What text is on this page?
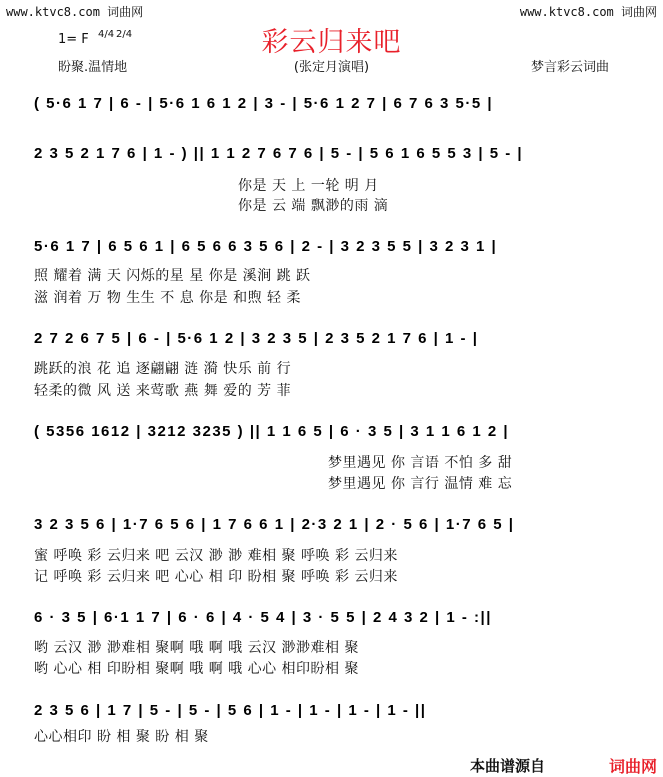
www.ktvc8.com 词曲网	www.ktvc8.com 词曲网
彩云归来吧
1= F 4/4 2/4
盼聚.温情地	(张定月演唱)	梦言彩云词曲
( 5·6 1 7 | 6 - | 5·6 1 6 1 2 | 3 - | 5·6 1 2 7 | 6 7 6 3 5·5 |
2 3 5 2 1 7 6 | 1 - ) || 1 1 2 7 6 7 6 | 5 - | 5 6 1 6 5 5 3 | 5 - |
你是 天 上 一轮 明 月
你是 云 端 飘渺的雨 滴
5·6 1 7 | 6 5 6 1 | 6 5 6 6 3 5 6 | 2 - | 3 2 3 5 5 | 3 2 3 1 |
照 耀着 满 天 闪烁的星 星 你是 溪涧 跳 跃
滋 润着 万 物 生生 不 息 你是 和煦 轻 柔
2 7 2 6 7 5 | 6 - | 5·6 1 2 | 3 2 3 5 | 2 3 5 2 1 7 6 | 1 - |
跳跃的浪 花 追 逐翩翩 涟 漪 快乐 前 行
轻柔的微 风 送 来莺歌 燕 舞 爱的 芳 菲
( 5356 1612 | 3212 3235 ) || 1 1 6 5 | 6 · 3 5 | 3 1 1 6 1 2 |
梦里遇见 你 言语 不怕 多 甜
梦里遇见 你 言行 温情 难 忘
3 2 3 5 6 | 1·7 6 5 6 | 1 7 6 6 1 | 2·3 2 1 | 2 · 5 6 | 1·7 6 5 |
蜜 呼唤 彩 云归来 吧 云汉 渺 渺 难相 聚 呼唤 彩 云归来
记 呼唤 彩 云归来 吧 心心 相 印 盼相 聚 呼唤 彩 云归来
6 · 3 5 | 6·1 1 7 | 6 · 6 | 4 · 5 4 | 3 · 5 5 | 2 4 3 2 | 1 - :||
哟 云汉 渺 渺难相 聚啊 哦 啊 哦 云汉 渺渺难相 聚
哟 心心 相 印盼相 聚啊 哦 啊 哦 心心 相印盼相 聚
2 3 5 6 | 1 7 | 5 - | 5 - | 5 6 | 1 - | 1 - | 1 - | 1 - ||
心心相印 盼 相 聚 盼 相 聚
本曲谱源自	词曲网
